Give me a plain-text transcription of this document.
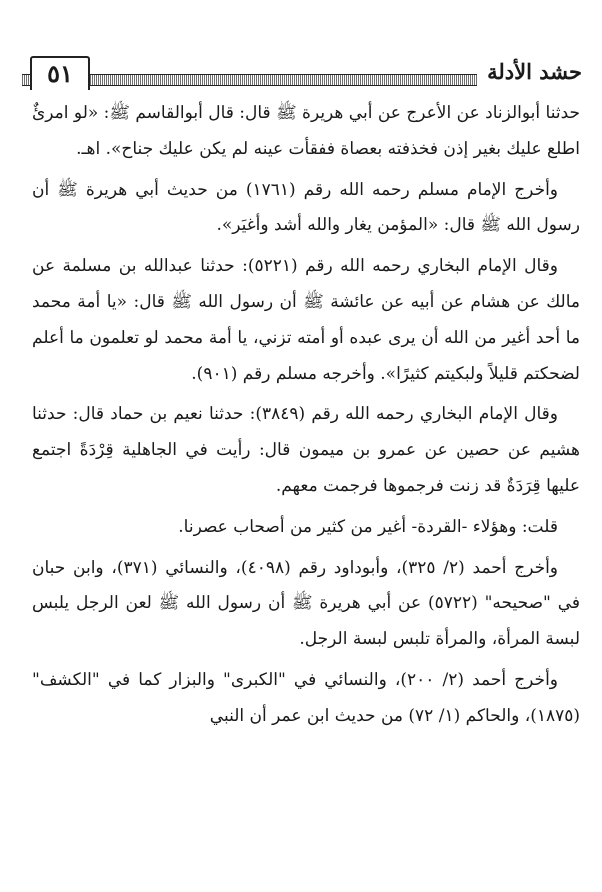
٥١	حشد الأدلة

حدثنا أبوالزناد عن الأعرج عن أبي هريرة ﷺ قال: قال أبوالقاسم ﷺ: «لو امرئٌ اطلع عليك بغير إذن فخذفته بعصاة ففقأت عينه لم يكن عليك جناح». اهـ.

وأخرج الإمام مسلم رحمه الله رقم (١٧٦١) من حديث أبي هريرة ﷺ أن رسول الله ﷺ قال: «المؤمن يغار والله أشد وأغيَر».

وقال الإمام البخاري رحمه الله رقم (٥٢٢١): حدثنا عبدالله بن مسلمة عن مالك عن هشام عن أبيه عن عائشة ﷺ أن رسول الله ﷺ قال: «يا أمة محمد ما أحد أغير من الله أن يرى عبده أو أمته تزني، يا أمة محمد لو تعلمون ما أعلم لضحكتم قليلاً ولبكيتم كثيرًا». وأخرجه مسلم رقم (٩٠١).

وقال الإمام البخاري رحمه الله رقم (٣٨٤٩): حدثنا نعيم بن حماد قال: حدثنا هشيم عن حصين عن عمرو بن ميمون قال: رأيت في الجاهلية قِرْدَةً اجتمع عليها قِرَدَةٌ قد زنت فرجموها فرجمت معهم.

قلت: وهؤلاء -القردة- أغير من كثير من أصحاب عصرنا.

وأخرج أحمد (٢/ ٣٢٥)، وأبوداود رقم (٤٠٩٨)، والنسائي (٣٧١)، وابن حبان في "صحيحه" (٥٧٢٢) عن أبي هريرة ﷺ أن رسول الله ﷺ لعن الرجل يلبس لبسة المرأة، والمرأة تلبس لبسة الرجل.

وأخرج أحمد (٢/ ٢٠٠)، والنسائي في "الكبرى" والبزار كما في "الكشف" (١٨٧٥)، والحاكم (١/ ٧٢) من حديث ابن عمر أن النبي
